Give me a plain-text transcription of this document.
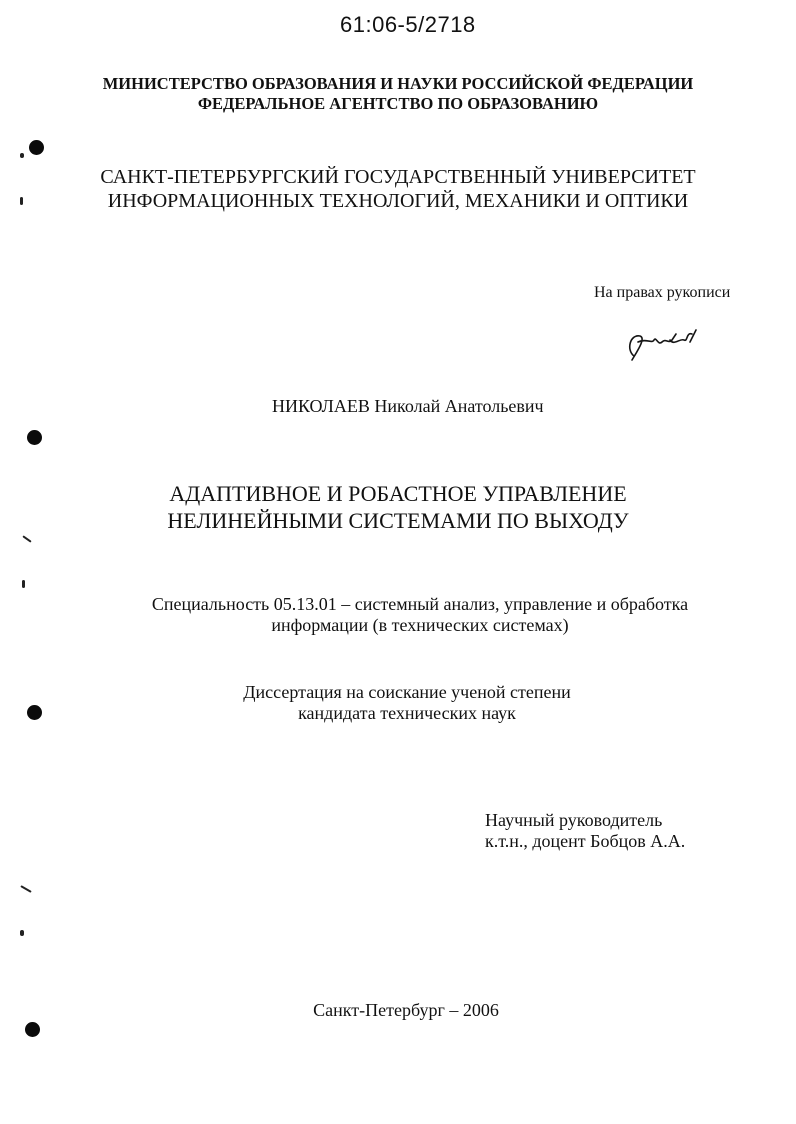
61:06-5/2718
МИНИСТЕРСТВО ОБРАЗОВАНИЯ И НАУКИ РОССИЙСКОЙ ФЕДЕРАЦИИ
ФЕДЕРАЛЬНОЕ АГЕНТСТВО ПО ОБРАЗОВАНИЮ
САНКТ-ПЕТЕРБУРГСКИЙ ГОСУДАРСТВЕННЫЙ УНИВЕРСИТЕТ
ИНФОРМАЦИОННЫХ ТЕХНОЛОГИЙ, МЕХАНИКИ И ОПТИКИ
На правах рукописи
НИКОЛАЕВ Николай Анатольевич
АДАПТИВНОЕ И РОБАСТНОЕ УПРАВЛЕНИЕ
НЕЛИНЕЙНЫМИ СИСТЕМАМИ ПО ВЫХОДУ
Специальность 05.13.01 – системный анализ, управление и обработка
информации (в технических системах)
Диссертация на соискание ученой степени
кандидата технических наук
Научный руководитель
к.т.н., доцент Бобцов А.А.
Санкт-Петербург – 2006
